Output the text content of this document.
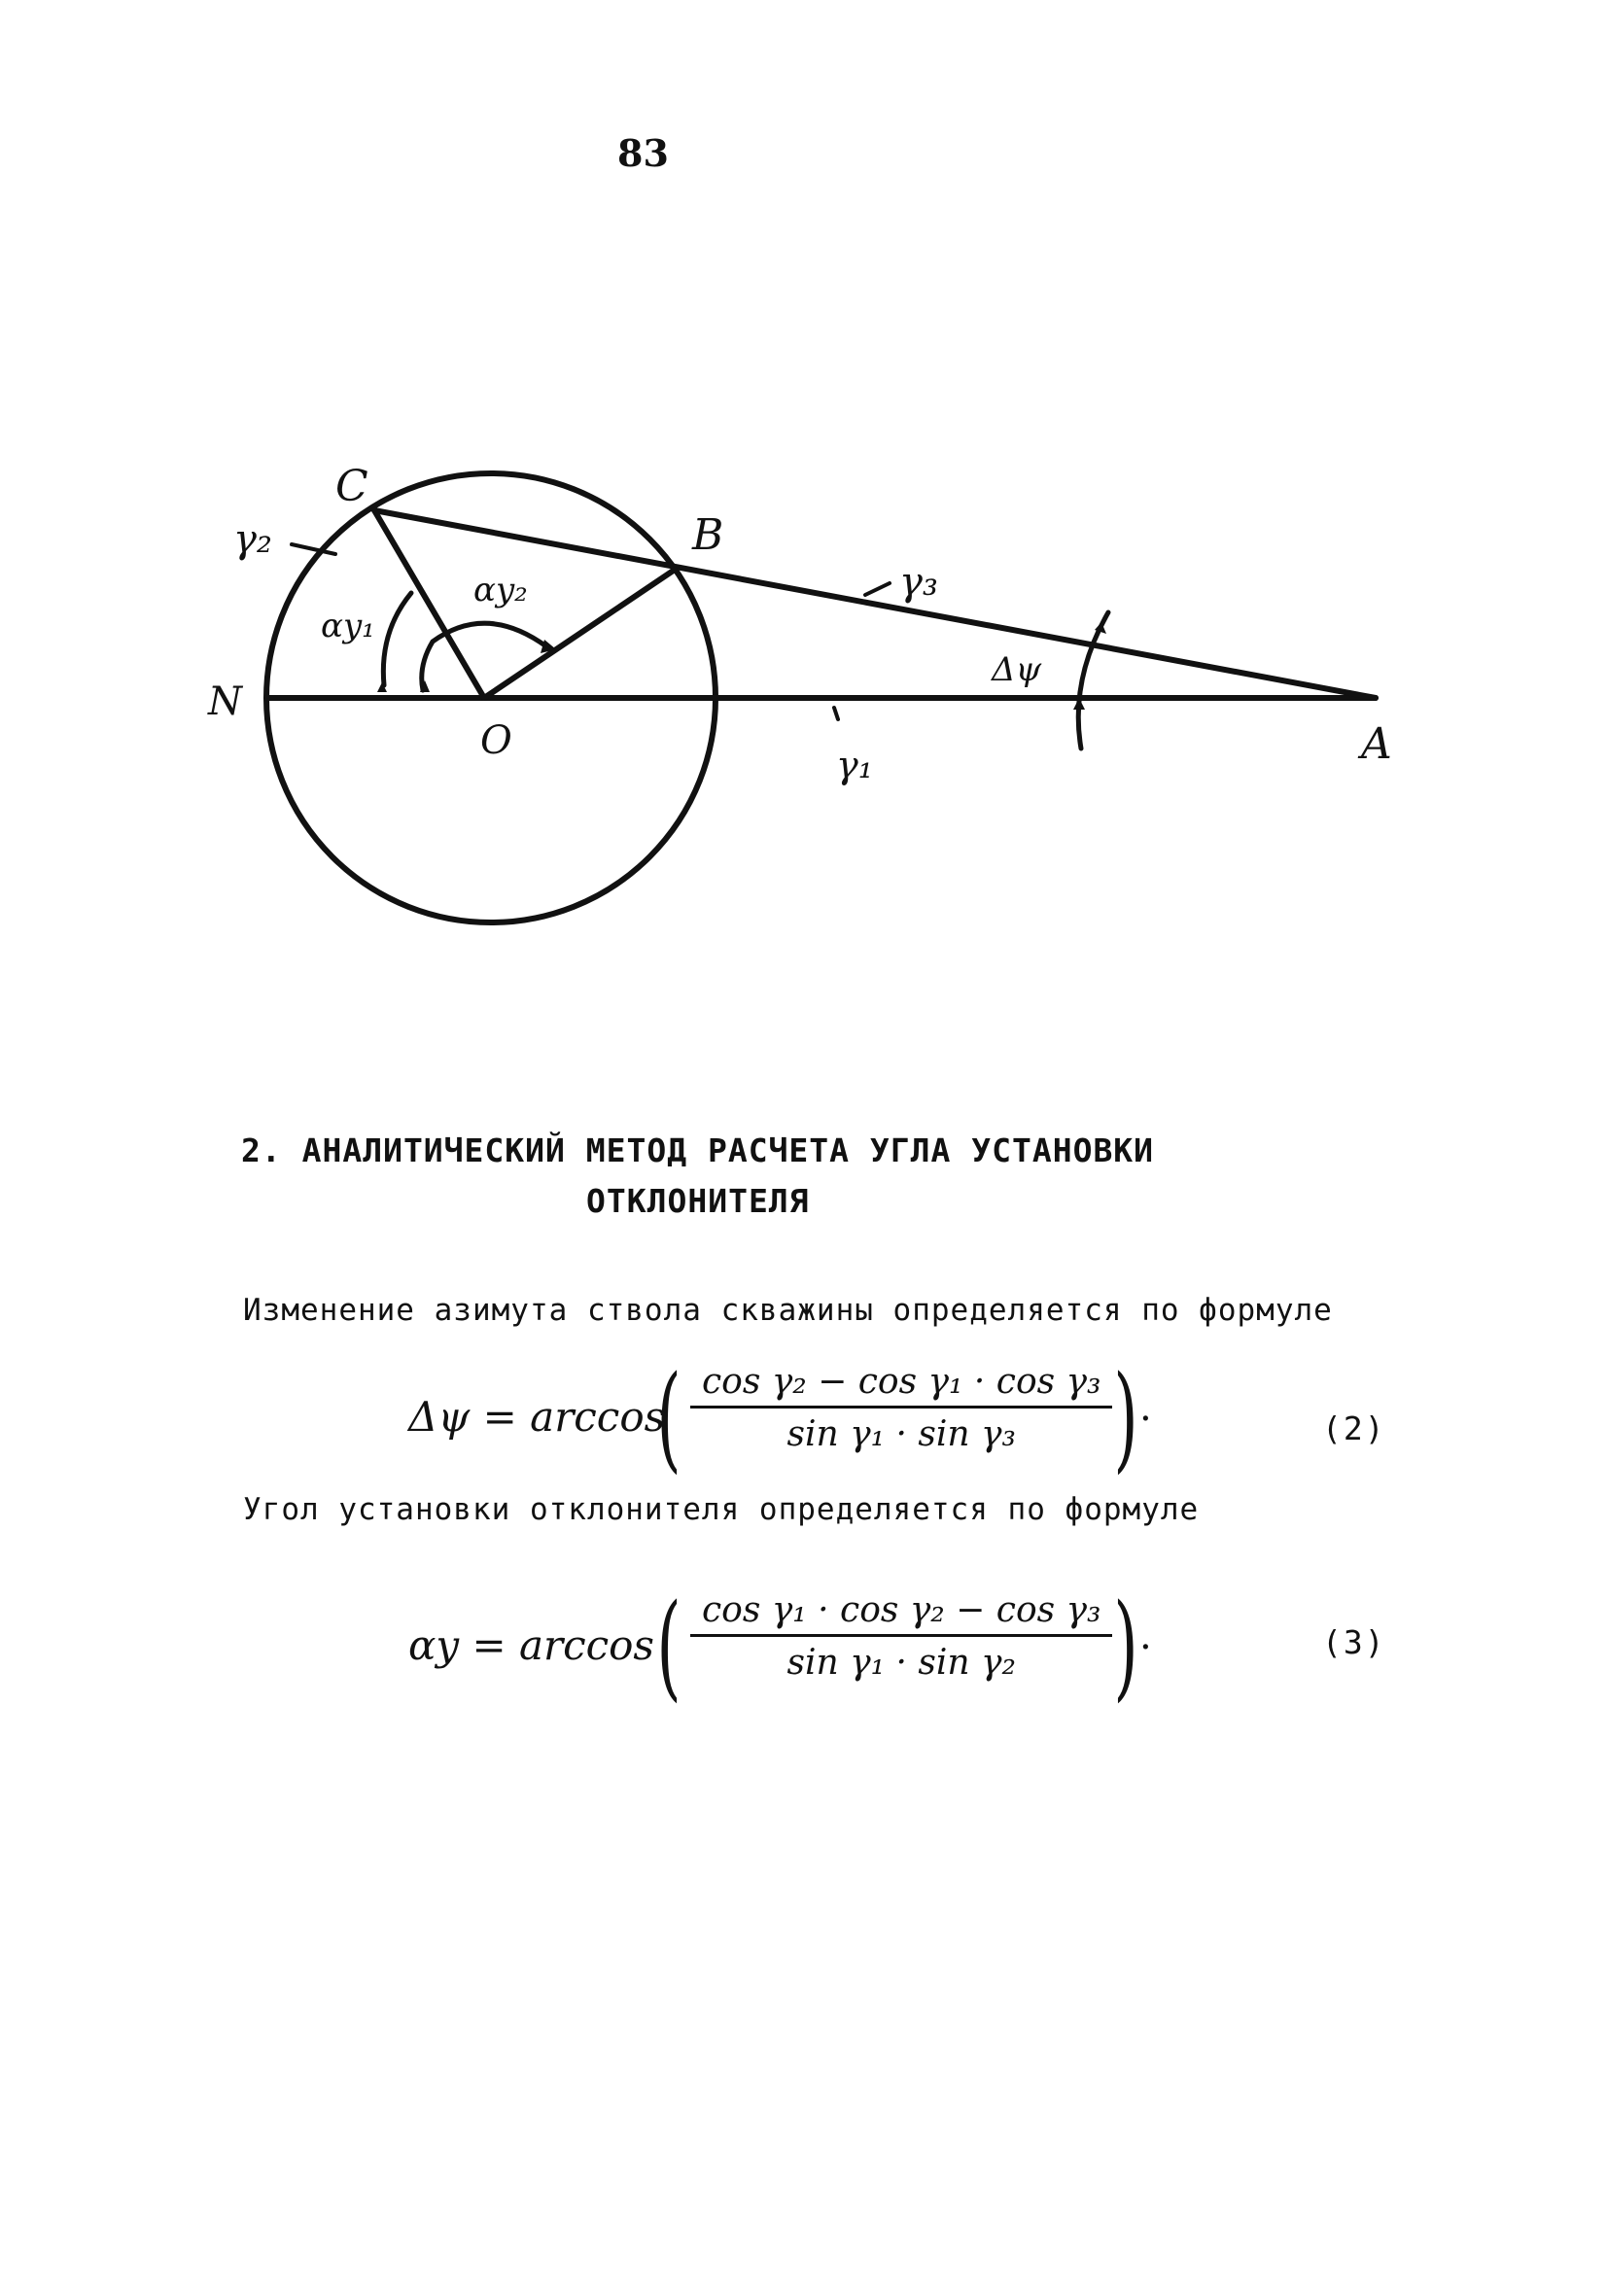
83
C
B
N
O	A
γ₂
γ₃
γ₁
αy₁
αy₂
Δψ
2. АНАЛИТИЧЕСКИЙ МЕТОД РАСЧЕТА УГЛА УСТАНОВКИ
ОТКЛОНИТЕЛЯ

Изменение азимута ствола скважины определяется по формуле

Δψ = arccos
( $\frac{\text{cos γ₂ − cos γ₁ · cos γ₃}}{\text{sin γ₁ · sin γ₃}}$ ) .	(2)

Угол установки отклонителя определяется по формуле

αy = arccos ( $\frac{\text{cos γ₁ · cos γ₂ − cos γ₃}}{\text{sin γ₁ · sin γ₂}}$ ) .	(3)
